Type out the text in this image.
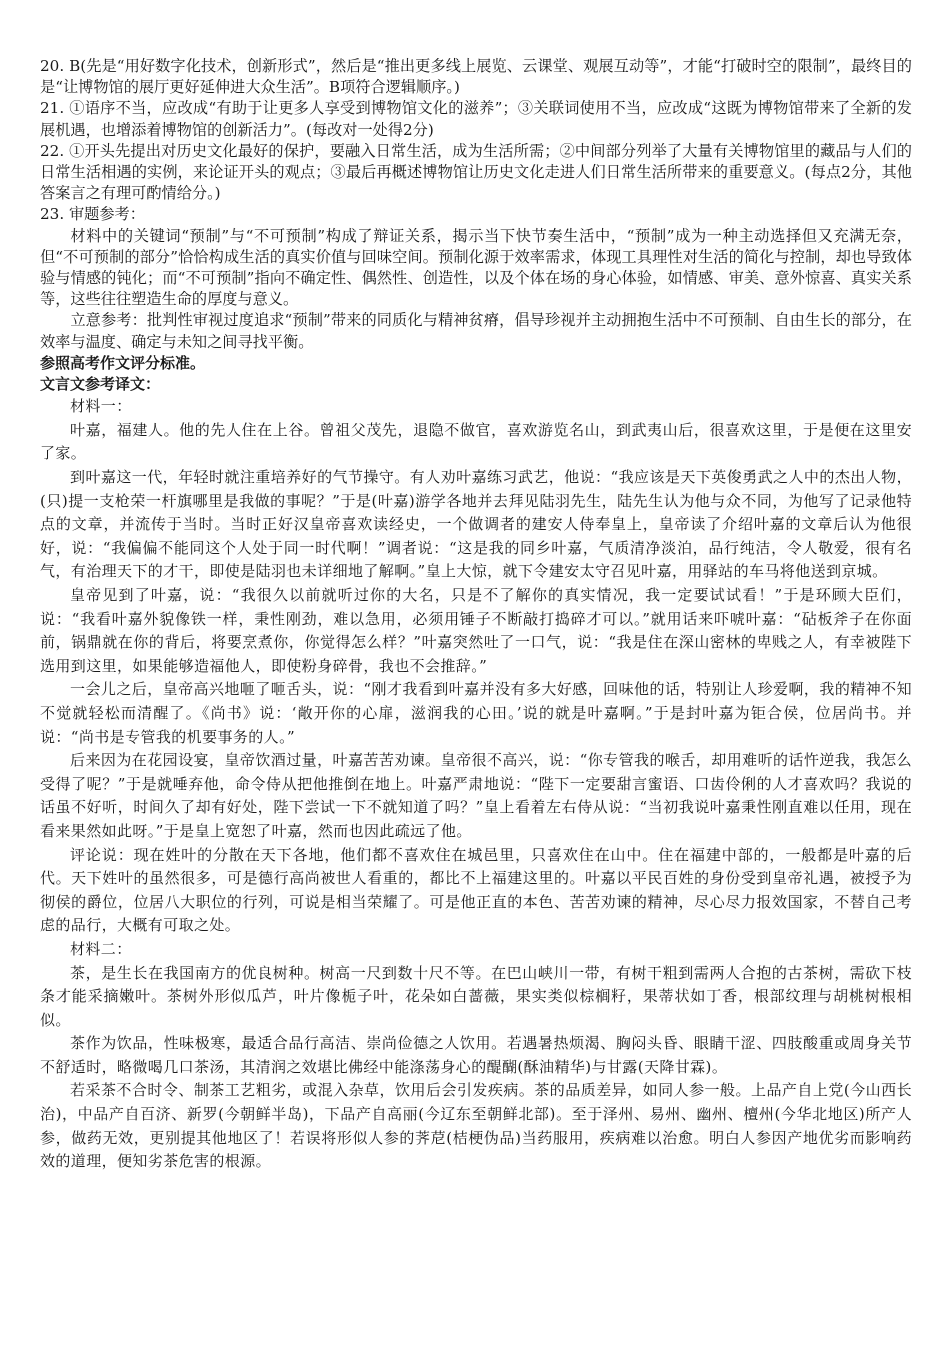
20. B(先是“用好数字化技术，创新形式”，然后是“推出更多线上展览、云课堂、观展互动等”，才能“打破时空的限制”，最终目的是“让博物馆的展厅更好延伸进大众生活”。B项符合逻辑顺序。)

21. ①语序不当，应改成“有助于让更多人享受到博物馆文化的滋养”；③关联词使用不当，应改成“这既为博物馆带来了全新的发展机遇，也增添着博物馆的创新活力”。(每改对一处得2分)

22. ①开头先提出对历史文化最好的保护，要融入日常生活，成为生活所需；②中间部分列举了大量有关博物馆里的藏品与人们的日常生活相遇的实例，来论证开头的观点；③最后再概述博物馆让历史文化走进人们日常生活所带来的重要意义。(每点2分，其他答案言之有理可酌情给分。)

23. 审题参考：

材料中的关键词“预制”与“不可预制”构成了辩证关系，揭示当下快节奏生活中，“预制”成为一种主动选择但又充满无奈，但“不可预制的部分”恰恰构成生活的真实价值与回味空间。预制化源于效率需求，体现工具理性对生活的简化与控制，却也导致体验与情感的钝化；而“不可预制”指向不确定性、偶然性、创造性，以及个体在场的身心体验，如情感、审美、意外惊喜、真实关系等，这些往往塑造生命的厚度与意义。

立意参考：批判性审视过度追求“预制”带来的同质化与精神贫瘠，倡导珍视并主动拥抱生活中不可预制、自由生长的部分，在效率与温度、确定与未知之间寻找平衡。

参照高考作文评分标准。

文言文参考译文：

材料一：

叶嘉，福建人。他的先人住在上谷。曾祖父茂先，退隐不做官，喜欢游览名山，到武夷山后，很喜欢这里，于是便在这里安了家。

到叶嘉这一代，年轻时就注重培养好的气节操守。有人劝叶嘉练习武艺，他说：“我应该是天下英俊勇武之人中的杰出人物，(只)提一支枪荣一杆旗哪里是我做的事呢？”于是(叶嘉)游学各地并去拜见陆羽先生，陆先生认为他与众不同，为他写了记录他特点的文章，并流传于当时。当时正好汉皇帝喜欢读经史，一个做调者的建安人侍奉皇上，皇帝读了介绍叶嘉的文章后认为他很好，说：“我偏偏不能同这个人处于同一时代啊！”调者说：“这是我的同乡叶嘉，气质清净淡泊，品行纯洁，令人敬爱，很有名气，有治理天下的才干，即使是陆羽也未详细地了解啊。”皇上大惊，就下令建安太守召见叶嘉，用驿站的车马将他送到京城。

皇帝见到了叶嘉，说：“我很久以前就听过你的大名，只是不了解你的真实情况，我一定要试试看！”于是环顾大臣们，说：“我看叶嘉外貌像铁一样，秉性刚劲，难以急用，必须用锤子不断敲打捣碎才可以。”就用话来吓唬叶嘉：“砧板斧子在你面前，锅鼎就在你的背后，将要烹煮你，你觉得怎么样？”叶嘉突然吐了一口气，说：“我是住在深山密林的卑贱之人，有幸被陛下选用到这里，如果能够造福他人，即使粉身碎骨，我也不会推辞。”

一会儿之后，皇帝高兴地咂了咂舌头，说：“刚才我看到叶嘉并没有多大好感，回味他的话，特别让人珍爱啊，我的精神不知不觉就轻松而清醒了。《尚书》说：‘敞开你的心扉，滋润我的心田。’说的就是叶嘉啊。”于是封叶嘉为钜合侯，位居尚书。并说：“尚书是专管我的机要事务的人。”

后来因为在花园设宴，皇帝饮酒过量，叶嘉苦苦劝谏。皇帝很不高兴，说：“你专管我的喉舌，却用难听的话忤逆我，我怎么受得了呢？”于是就唾弃他，命令侍从把他推倒在地上。叶嘉严肃地说：“陛下一定要甜言蜜语、口齿伶俐的人才喜欢吗？我说的话虽不好听，时间久了却有好处，陛下尝试一下不就知道了吗？”皇上看着左右侍从说：“当初我说叶嘉秉性刚直难以任用，现在看来果然如此呀。”于是皇上宽恕了叶嘉，然而也因此疏远了他。

评论说：现在姓叶的分散在天下各地，他们都不喜欢住在城邑里，只喜欢住在山中。住在福建中部的，一般都是叶嘉的后代。天下姓叶的虽然很多，可是德行高尚被世人看重的，都比不上福建这里的。叶嘉以平民百姓的身份受到皇帝礼遇，被授予为彻侯的爵位，位居八大职位的行列，可说是相当荣耀了。可是他正直的本色、苦苦劝谏的精神，尽心尽力报效国家，不替自己考虑的品行，大概有可取之处。

材料二：

茶，是生长在我国南方的优良树种。树高一尺到数十尺不等。在巴山峡川一带，有树干粗到需两人合抱的古茶树，需砍下枝条才能采摘嫩叶。茶树外形似瓜芦，叶片像栀子叶，花朵如白蔷薇，果实类似棕榈籽，果蒂状如丁香，根部纹理与胡桃树根相似。

茶作为饮品，性味极寒，最适合品行高洁、崇尚俭德之人饮用。若遇暑热烦渴、胸闷头昏、眼睛干涩、四肢酸重或周身关节不舒适时，略微喝几口茶汤，其清润之效堪比佛经中能涤荡身心的醍醐(酥油精华)与甘露(天降甘霖)。

若采茶不合时令、制茶工艺粗劣，或混入杂草，饮用后会引发疾病。茶的品质差异，如同人参一般。上品产自上党(今山西长治)，中品产自百济、新罗(今朝鲜半岛)，下品产自高丽(今辽东至朝鲜北部)。至于泽州、易州、幽州、檀州(今华北地区)所产人参，做药无效，更别提其他地区了！若误将形似人参的荠苨(桔梗伪品)当药服用，疾病难以治愈。明白人参因产地优劣而影响药效的道理，便知劣茶危害的根源。
